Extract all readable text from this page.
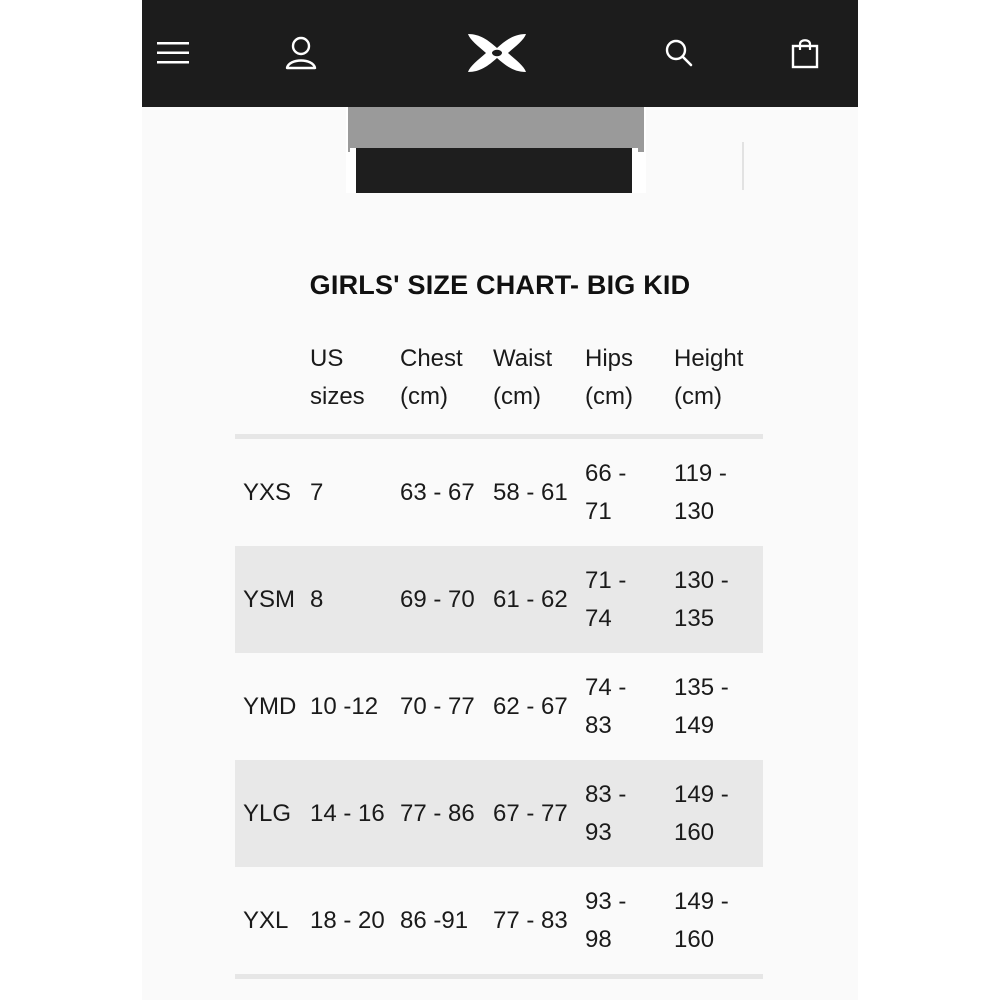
GIRLS' SIZE CHART- BIG KID
US
sizes
Chest
(cm)
Waist
(cm)
Hips
(cm)
Height
(cm)
YXS 7	63 - 67 58 - 61
66 -
71
119 -
130
YSM 8	69 - 70 61 - 62
71 -
74
130 -
135
YMD 10 -12 70 - 77 62 - 67
74 -
83
135 -
149
YLG 14 - 16 77 - 86 67 - 77
83 -
93
149 -
160
YXL 18 - 20 86 -91 77 - 83
93 -
98
149 -
160
